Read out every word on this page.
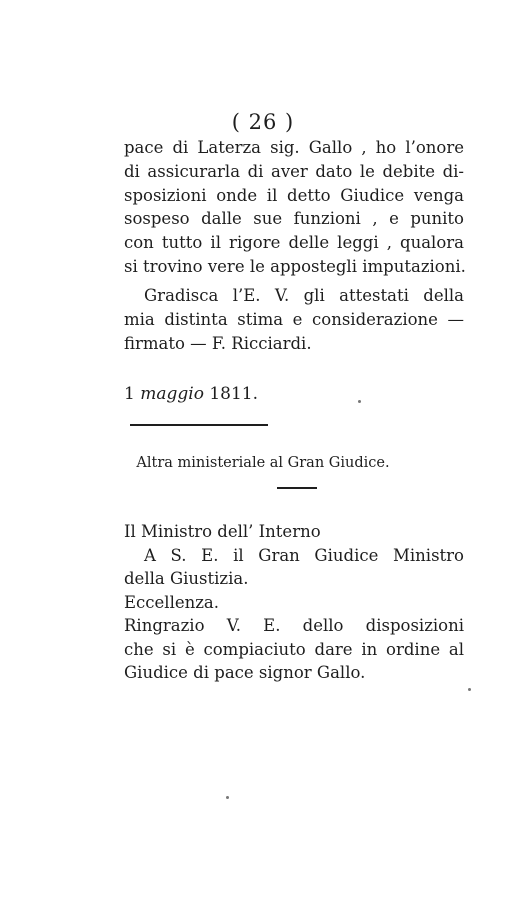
( 26 )
pace di Laterza sig. Gallo , ho l’onore
di assicurarla di aver dato le debite di-
sposizioni onde il detto Giudice venga
sospeso dalle sue funzioni , e punito
con tutto il rigore delle leggi , qualora
si trovino vere le appostegli imputazioni.
Gradisca l’E. V. gli attestati della
mia distinta stima e considerazione —
firmato — F. Ricciardi.
1 maggio 1811.
Altra ministeriale al Gran Giudice.
Il Ministro dell’ Interno
A S. E. il Gran Giudice Ministro
della Giustizia.
Eccellenza.
Ringrazio V. E. dello disposizioni
che si è compiaciuto dare in ordine al
Giudice di pace signor Gallo.
